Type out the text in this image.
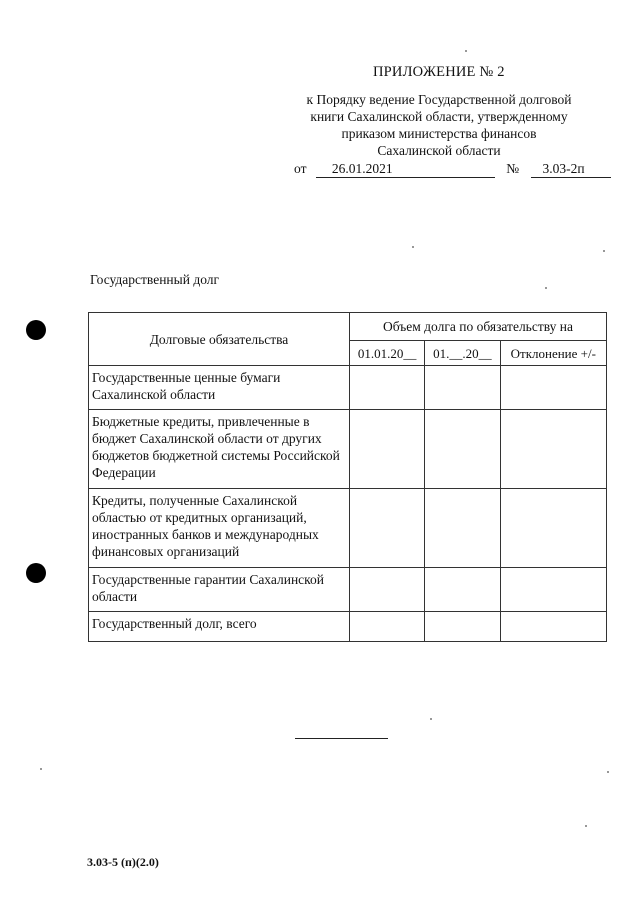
ПРИЛОЖЕНИЕ № 2
к Порядку ведение Государственной долговой
книги Сахалинской области, утвержденному
приказом министерства финансов
Сахалинской области
от 26.01.2021	№ 3.03-2п
Государственный долг
Долговые обязательства	Объем долга по обязательству на		
	01.01.20__	01.__.20__	Отклонение +/-
Государственные ценные бумаги Сахалинской области			
Бюджетные кредиты, привлеченные в бюджет Сахалинской области от других бюджетов бюджетной системы Российской Федерации			
Кредиты, полученные Сахалинской областью от кредитных организаций, иностранных банков и международных финансовых организаций			
Государственные гарантии Сахалинской области			
Государственный долг, всего			
3.03-5 (п)(2.0)
